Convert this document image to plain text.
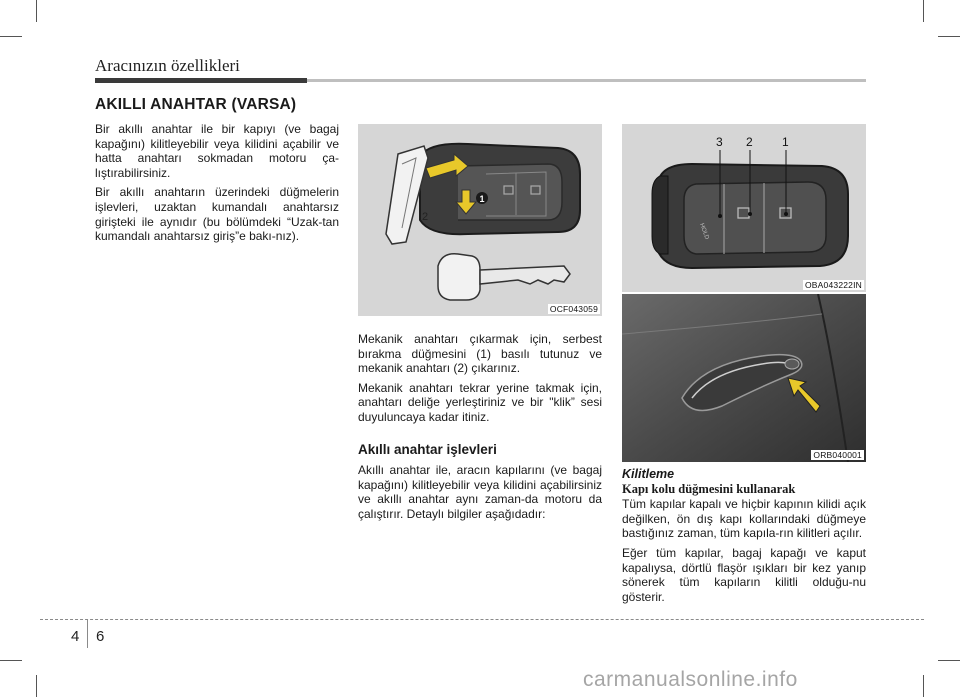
Aracınızın özellikleri
AKILLI ANAHTAR (VARSA)

Bir akıllı anahtar ile bir kapıyı (ve bagaj kapağını) kilitleyebilir veya kilidini açabilir ve hatta anahtarı sokmadan motoru ça-lıştırabilirsiniz.

Bir akıllı anahtarın üzerindeki düğmelerin işlevleri, uzaktan kumandalı anahtarsız girişteki ile aynıdır (bu bölümdeki “Uzak-tan kumandalı anahtarsız giriş”e bakı-nız).

1
2
OCF043059

Mekanik anahtarı çıkarmak için, serbest bırakma düğmesini (1) basılı tutunuz ve mekanik anahtarı (2) çıkarınız.

Mekanik anahtarı tekrar yerine takmak için, anahtarı deliğe yerleştiriniz ve bir "klik” sesi duyuluncaya kadar itiniz.

Akıllı anahtar işlevleri

Akıllı anahtar ile, aracın kapılarını (ve bagaj kapağını) kilitleyebilir veya kilidini açabilirsiniz ve akıllı anahtar aynı zaman-da motoru da çalıştırır. Detaylı bilgiler aşağıdadır:

HOLD
3 2 1
OBA043222IN
ORB040001
Kilitleme
Kapı kolu düğmesini kullanarak

Tüm kapılar kapalı ve hiçbir kapının kilidi açık değilken, ön dış kapı kollarındaki düğmeye bastığınız zaman, tüm kapıla-rın kilitleri açılır.

Eğer tüm kapılar, bagaj kapağı ve kaput kapalıysa, dörtlü flaşör ışıkları bir kez yanıp sönerek tüm kapıların kilitli olduğu-nu gösterir.

4 6
carmanualsonline.info
